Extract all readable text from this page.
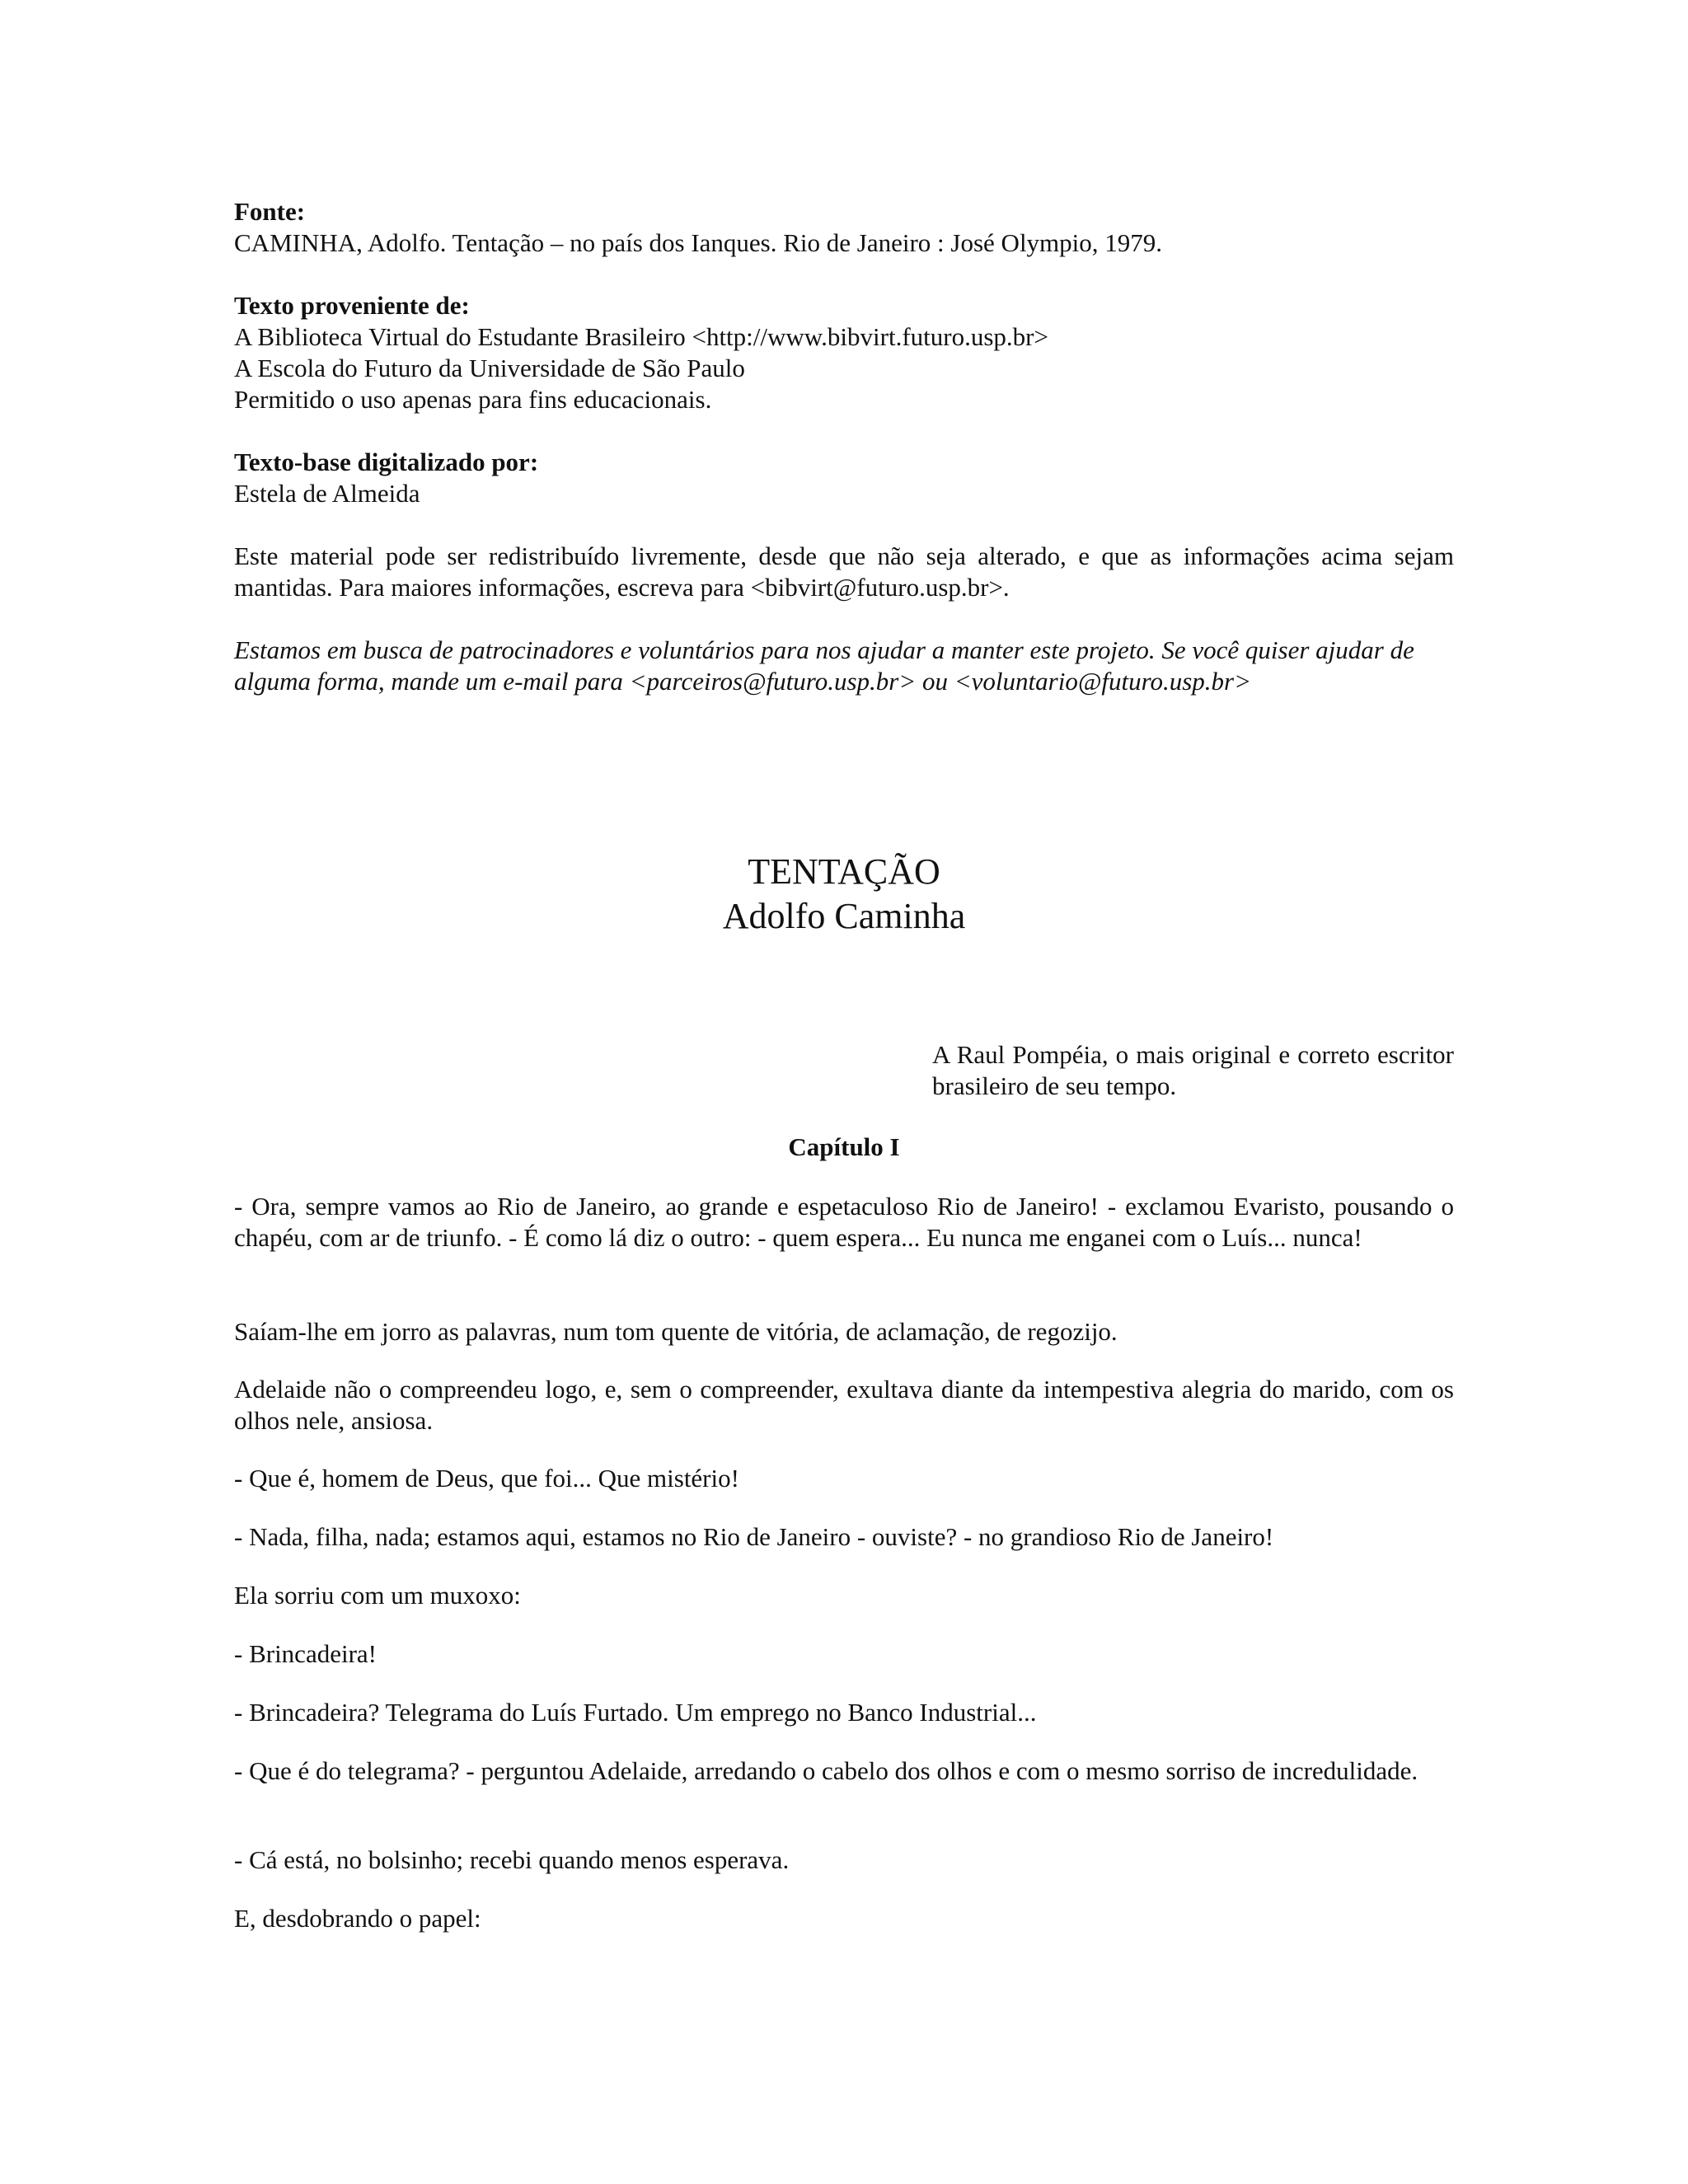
Fonte:
CAMINHA, Adolfo. Tentação – no país dos Ianques. Rio de Janeiro : José Olympio, 1979.
Texto proveniente de:
A Biblioteca Virtual do Estudante Brasileiro <http://www.bibvirt.futuro.usp.br>
A Escola do Futuro da Universidade de São Paulo
Permitido o uso apenas para fins educacionais.
Texto-base digitalizado por:
Estela de Almeida
Este material pode ser redistribuído livremente, desde que não seja alterado, e que as informações acima sejam mantidas. Para maiores informações, escreva para <bibvirt@futuro.usp.br>.
Estamos em busca de patrocinadores e voluntários para nos ajudar a manter este projeto. Se você quiser ajudar de alguma forma, mande um e-mail para <parceiros@futuro.usp.br> ou <voluntario@futuro.usp.br>
TENTAÇÃO
Adolfo Caminha
A Raul Pompéia, o mais original e correto escritor brasileiro de seu tempo.
Capítulo I
- Ora, sempre vamos ao Rio de Janeiro, ao grande e espetaculoso Rio de Janeiro! - exclamou Evaristo, pousando o chapéu, com ar de triunfo. - É como lá diz o outro: - quem espera... Eu nunca me enganei com o Luís... nunca!
Saíam-lhe em jorro as palavras, num tom quente de vitória, de aclamação, de regozijo.
Adelaide não o compreendeu logo, e, sem o compreender, exultava diante da intempestiva alegria do marido, com os olhos nele, ansiosa.
- Que é, homem de Deus, que foi... Que mistério!
- Nada, filha, nada; estamos aqui, estamos no Rio de Janeiro - ouviste? - no grandioso Rio de Janeiro!
Ela sorriu com um muxoxo:
- Brincadeira!
- Brincadeira? Telegrama do Luís Furtado. Um emprego no Banco Industrial...
- Que é do telegrama? - perguntou Adelaide, arredando o cabelo dos olhos e com o mesmo sorriso de incredulidade.
- Cá está, no bolsinho; recebi quando menos esperava.
E, desdobrando o papel:
